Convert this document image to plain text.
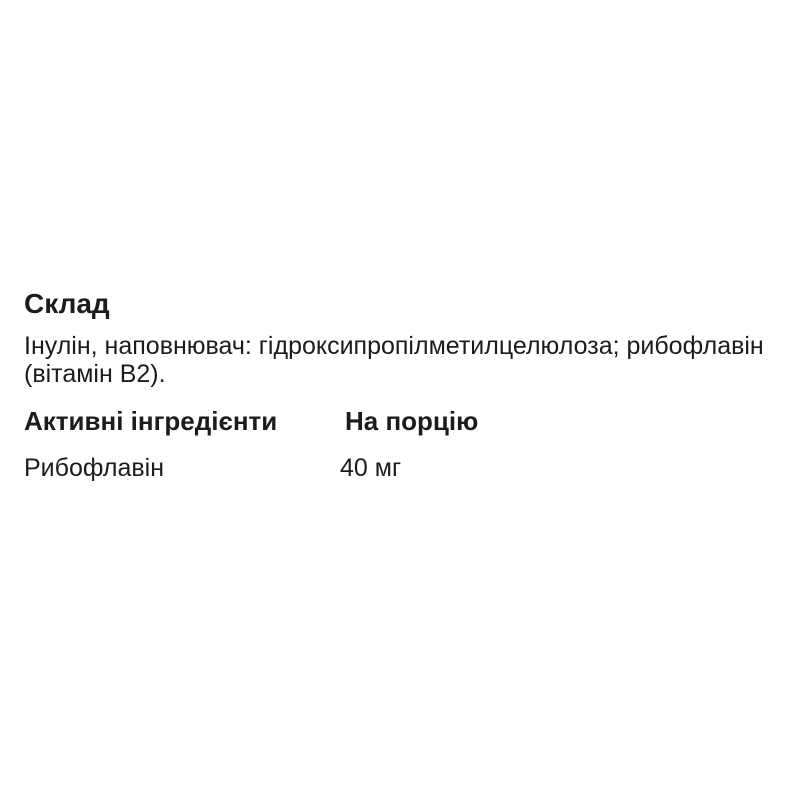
Склад

Інулін, наповнювач: гідроксипропілметилцелюлоза; рибофлавін
(вітамін В2).

Активні інгредієнти	На порцію
Рибофлавін	40 мг
